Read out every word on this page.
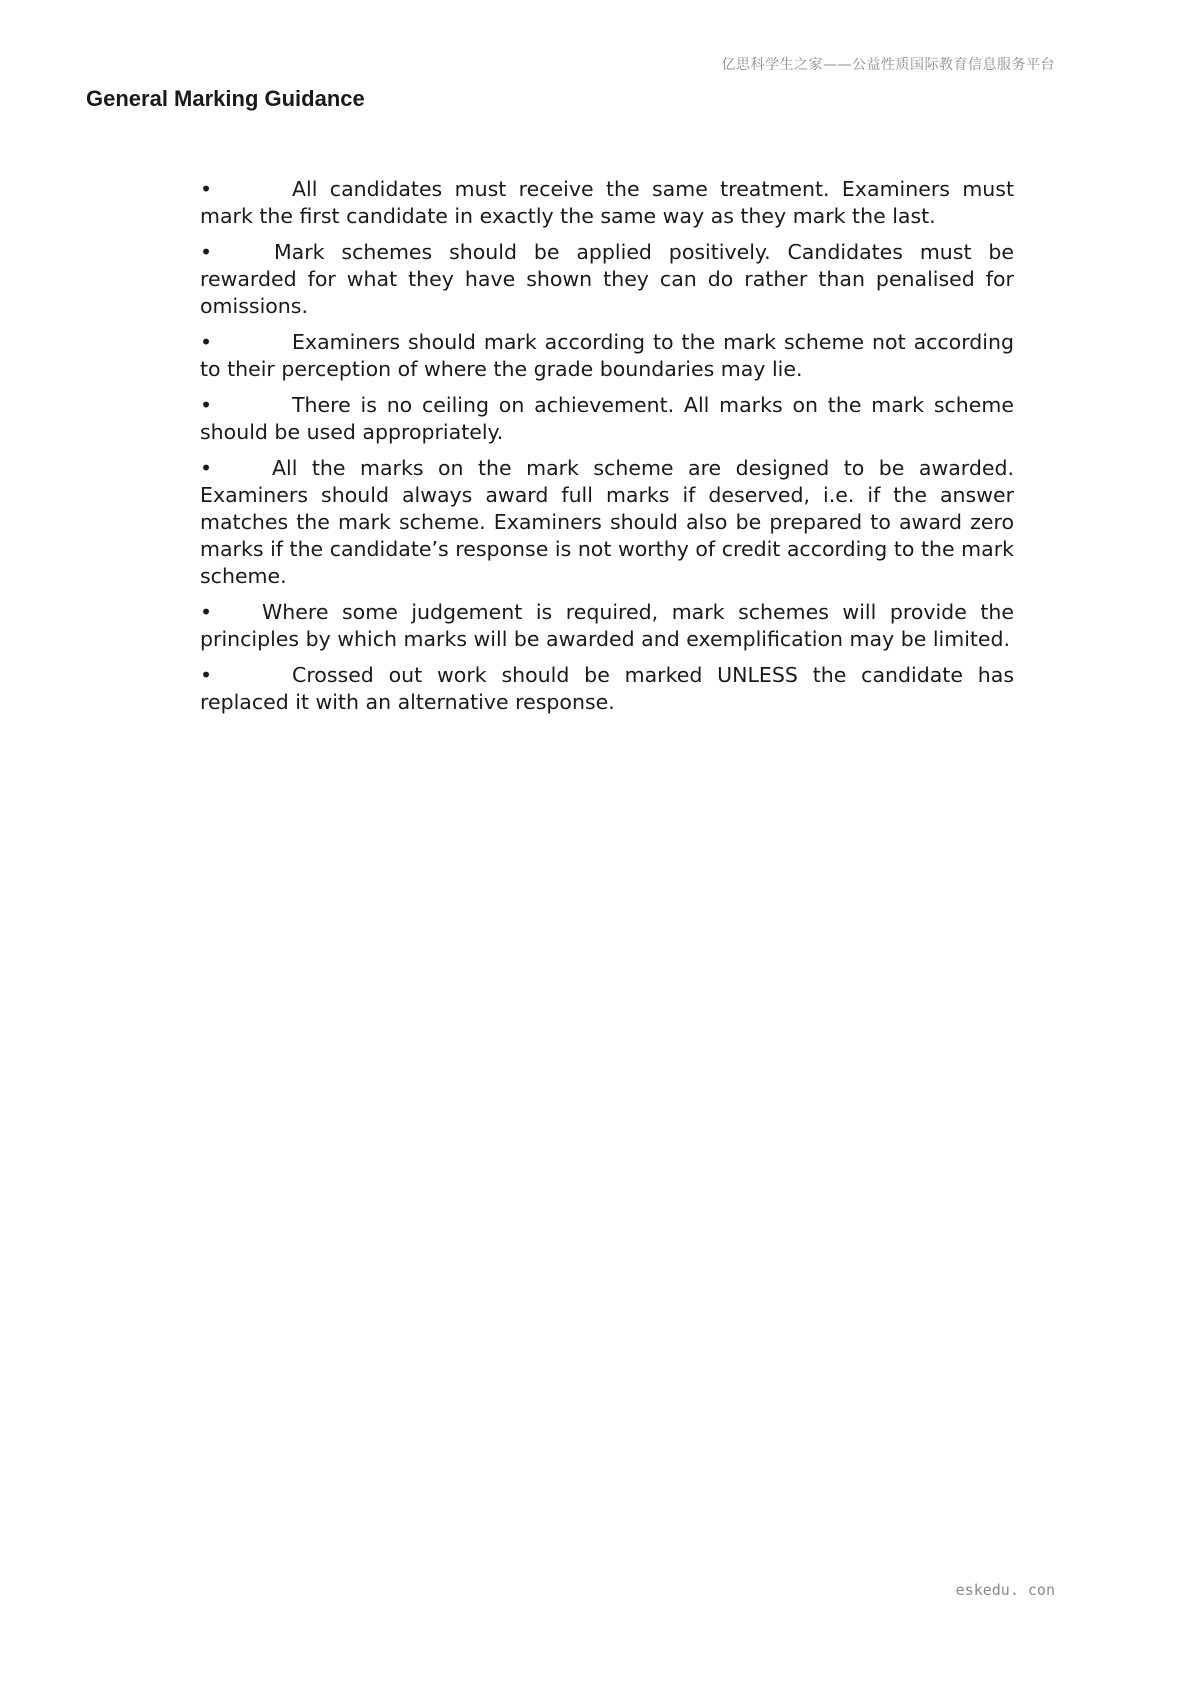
亿思科学生之家——公益性质国际教育信息服务平台
General Marking Guidance
•	All candidates must receive the same treatment. Examiners must mark the first candidate in exactly the same way as they mark the last.
•	Mark schemes should be applied positively. Candidates must be rewarded for what they have shown they can do rather than penalised for omissions.
•	Examiners should mark according to the mark scheme not according to their perception of where the grade boundaries may lie.
•	There is no ceiling on achievement. All marks on the mark scheme should be used appropriately.
•	All the marks on the mark scheme are designed to be awarded. Examiners should always award full marks if deserved, i.e. if the answer matches the mark scheme. Examiners should also be prepared to award zero marks if the candidate’s response is not worthy of credit according to the mark scheme.
• Where some judgement is required, mark schemes will provide the principles by which marks will be awarded and exemplification may be limited.
•	Crossed out work should be marked UNLESS the candidate has replaced it with an alternative response.
eskedu. con
